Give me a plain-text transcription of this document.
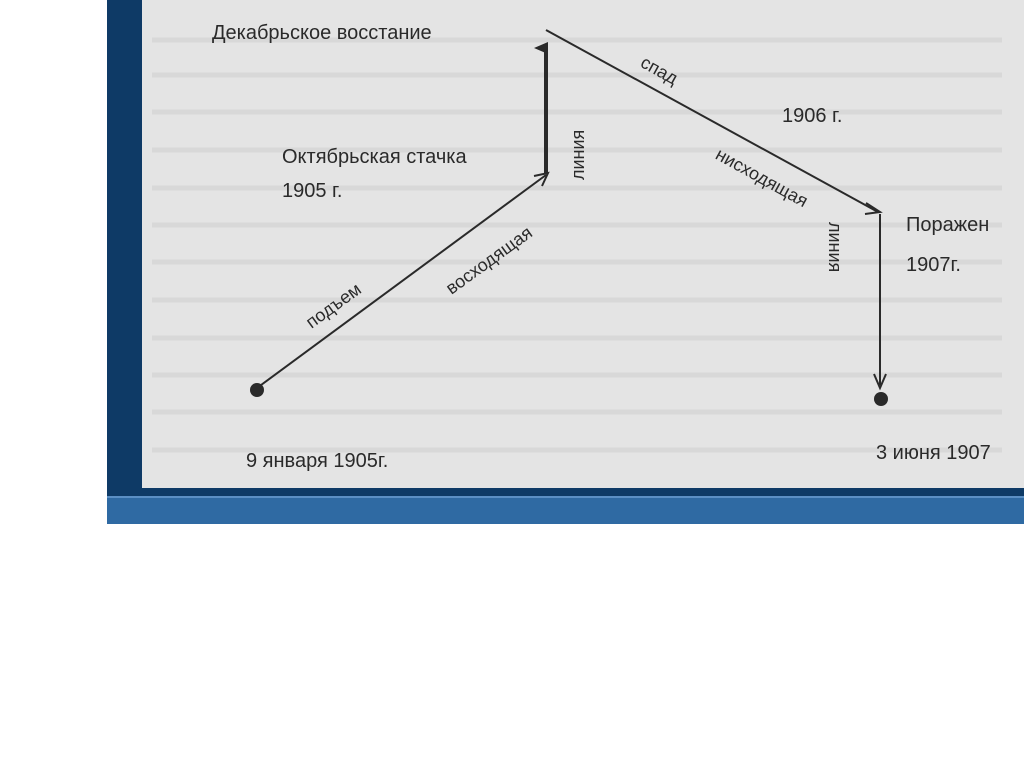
Декабрьское восстание
Октябрьская стачка
1905 г.
подъем
восходящая
линия
спад
1906 г.
нисходящая
линия	Поражен
1907г.
9 января 1905г.	3 июня 1907
